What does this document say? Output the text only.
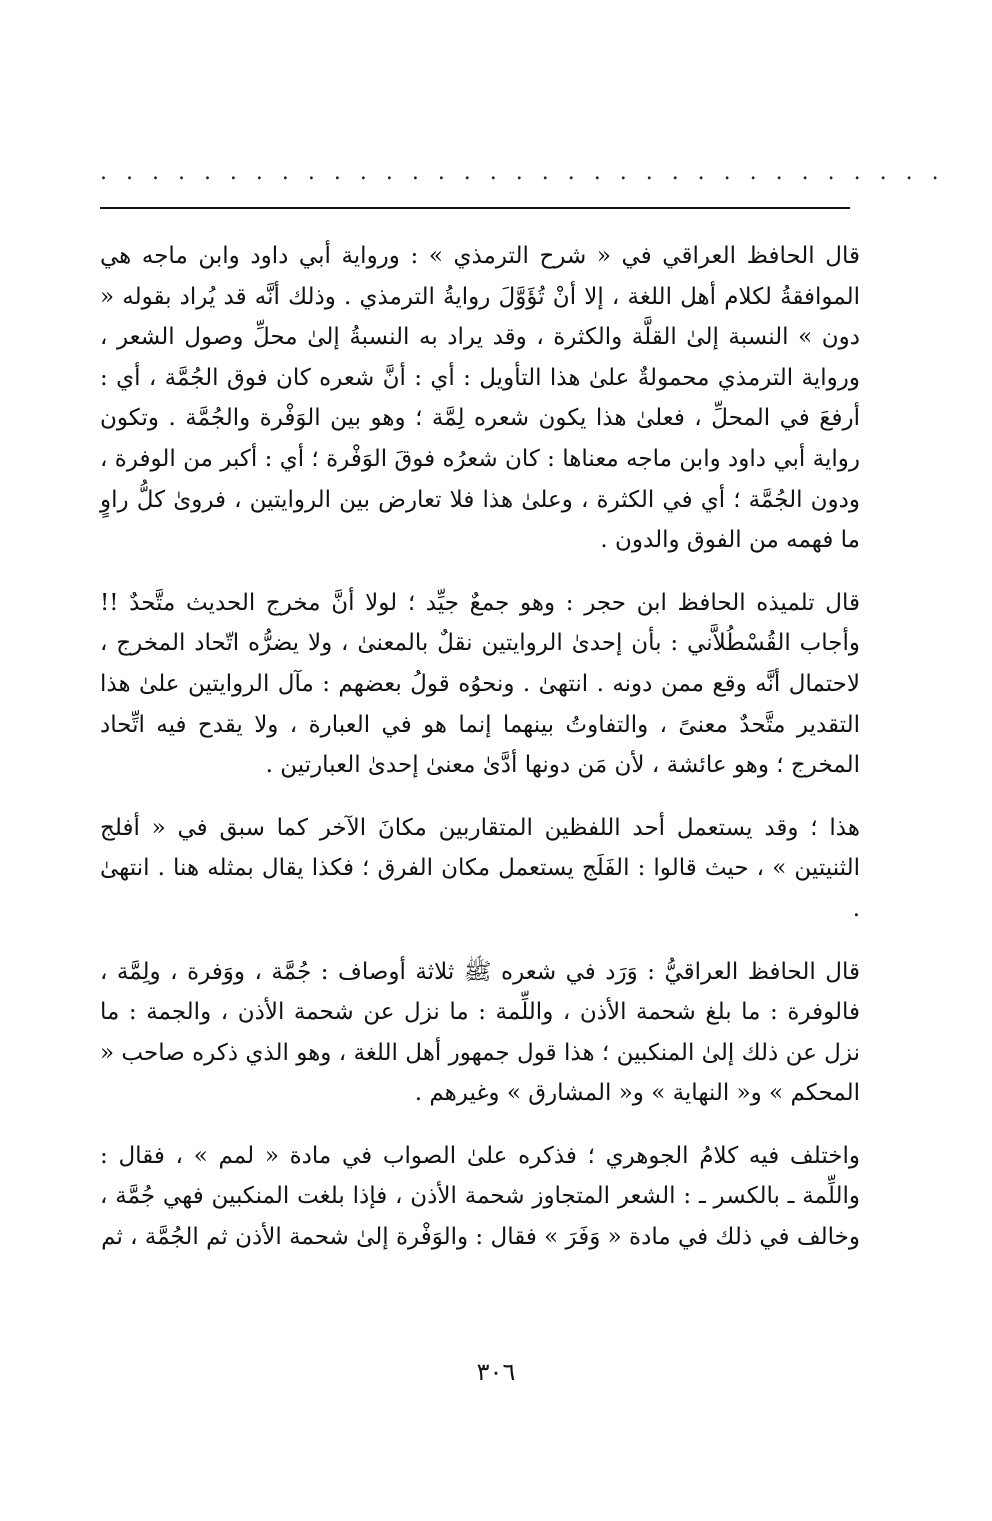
. . . . . . . . . . . . . . . . . . . . . . . . . . . . . . . . .

قال الحافظ العراقي في « شرح الترمذي » : ورواية أبي داود وابن ماجه هي الموافقةُ لكلام أهل اللغة ، إلا أنْ تُؤَوَّلَ روايةُ الترمذي . وذلك أنَّه قد يُراد بقوله « دون » النسبة إلىٰ القلَّة والكثرة ، وقد يراد به النسبةُ إلىٰ محلِّ وصول الشعر ، ورواية الترمذي محمولةٌ علىٰ هذا التأويل : أي : أنَّ شعره كان فوق الجُمَّة ، أي : أرفعَ في المحلِّ ، فعلىٰ هذا يكون شعره لِمَّة ؛ وهو بين الوَفْرة والجُمَّة . وتكون رواية أبي داود وابن ماجه معناها : كان شعرُه فوقَ الوَفْرة ؛ أي : أكبر من الوفرة ، ودون الجُمَّة ؛ أي في الكثرة ، وعلىٰ هذا فلا تعارض بين الروايتين ، فروىٰ كلُّ راوٍ ما فهمه من الفوق والدون .

قال تلميذه الحافظ ابن حجر : وهو جمعٌ جيِّد ؛ لولا أنَّ مخرج الحديث متَّحدٌ !! وأجاب القُسْطُلاَّني : بأن إحدىٰ الروايتين نقلٌ بالمعنىٰ ، ولا يضرُّه اتّحاد المخرج ، لاحتمال أنَّه وقع ممن دونه . انتهىٰ . ونحوُه قولُ بعضهم : مآل الروايتين علىٰ هذا التقدير متَّحدٌ معنىً ، والتفاوتُ بينهما إنما هو في العبارة ، ولا يقدح فيه اتِّحاد المخرج ؛ وهو عائشة ، لأن مَن دونها أدَّىٰ معنىٰ إحدىٰ العبارتين .

هذا ؛ وقد يستعمل أحد اللفظين المتقاربين مكانَ الآخر كما سبق في « أفلج الثنيتين » ، حيث قالوا : الفَلَج يستعمل مكان الفرق ؛ فكذا يقال بمثله هنا . انتهىٰ .

قال الحافظ العراقيُّ : وَرَد في شعره ﷺ ثلاثة أوصاف : جُمَّة ، ووَفرة ، ولِمَّة ، فالوفرة : ما بلغ شحمة الأذن ، واللِّمة : ما نزل عن شحمة الأذن ، والجمة : ما نزل عن ذلك إلىٰ المنكبين ؛ هذا قول جمهور أهل اللغة ، وهو الذي ذكره صاحب « المحكم » و« النهاية » و« المشارق » وغيرهم .

واختلف فيه كلامُ الجوهري ؛ فذكره علىٰ الصواب في مادة « لمم » ، فقال : واللِّمة ـ بالكسر ـ : الشعر المتجاوز شحمة الأذن ، فإذا بلغت المنكبين فهي جُمَّة ، وخالف في ذلك في مادة « وَفَرَ » فقال : والوَفْرة إلىٰ شحمة الأذن ثم الجُمَّة ، ثم

٣٠٦
